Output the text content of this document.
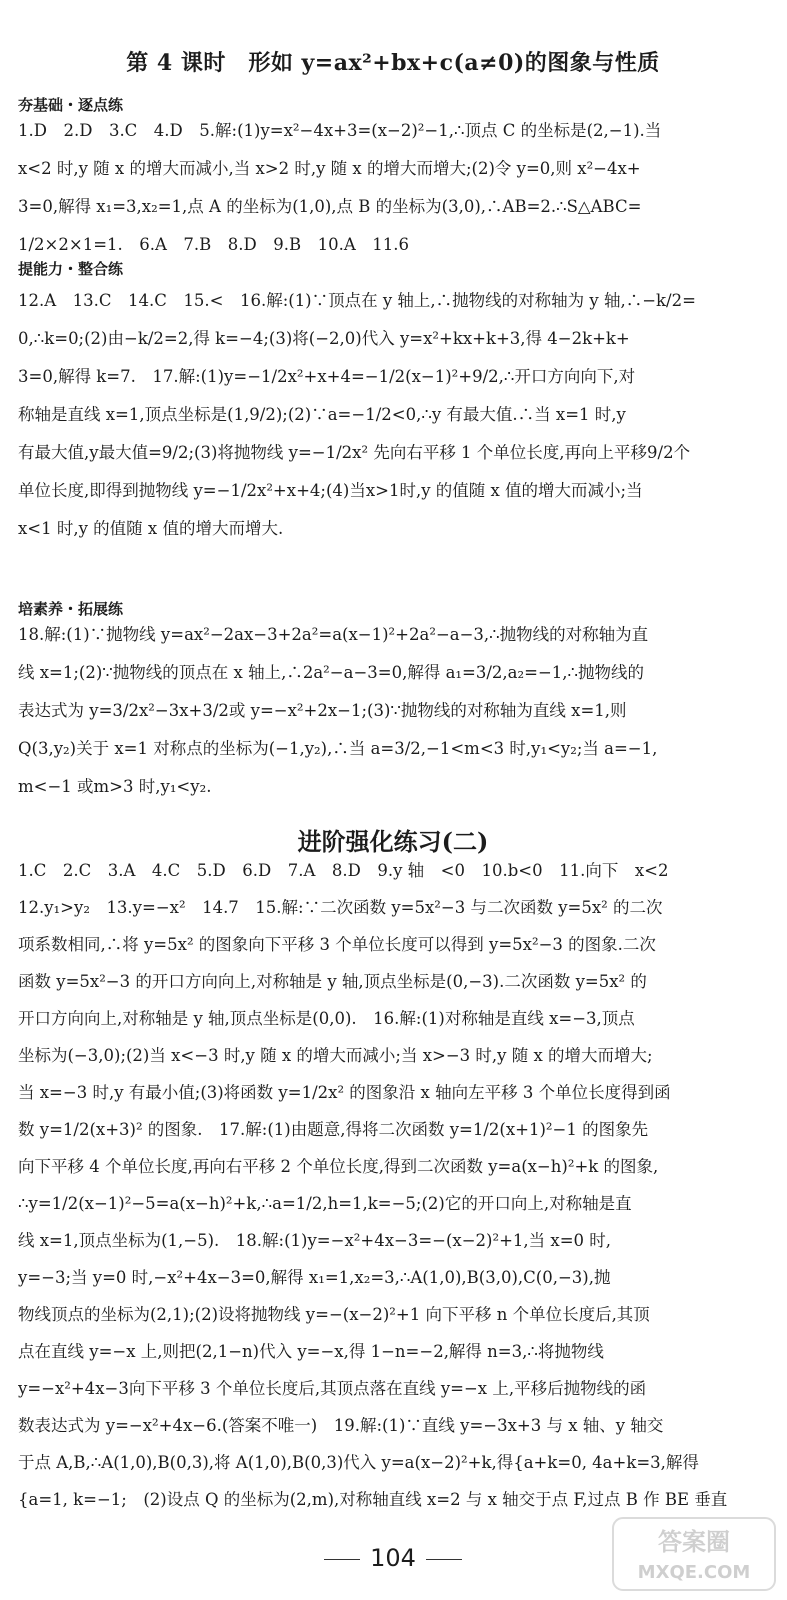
第 4 课时　形如 y=ax²+bx+c(a≠0)的图象与性质
夯基础・逐点练
1.D　2.D　3.C　4.D　5.解:(1)y=x²−4x+3=(x−2)²−1,∴顶点 C 的坐标是(2,−1).当
x<2 时,y 随 x 的增大而减小,当 x>2 时,y 随 x 的增大而增大;(2)令 y=0,则 x²−4x+
3=0,解得 x₁=3,x₂=1,点 A 的坐标为(1,0),点 B 的坐标为(3,0),∴AB=2.∴S△ABC=
1/2×2×1=1.　6.A　7.B　8.D　9.B　10.A　11.6
提能力・整合练
12.A　13.C　14.C　15.<　16.解:(1)∵顶点在 y 轴上,∴抛物线的对称轴为 y 轴,∴−k/2=
0,∴k=0;(2)由−k/2=2,得 k=−4;(3)将(−2,0)代入 y=x²+kx+k+3,得 4−2k+k+
3=0,解得 k=7.　17.解:(1)y=−1/2x²+x+4=−1/2(x−1)²+9/2,∴开口方向向下,对
称轴是直线 x=1,顶点坐标是(1,9/2);(2)∵a=−1/2<0,∴y 有最大值.∴当 x=1 时,y
有最大值,y最大值=9/2;(3)将抛物线 y=−1/2x² 先向右平移 1 个单位长度,再向上平移9/2个
单位长度,即得到抛物线 y=−1/2x²+x+4;(4)当x>1时,y 的值随 x 值的增大而减小;当
x<1 时,y 的值随 x 值的增大而增大.
培素养・拓展练
18.解:(1)∵抛物线 y=ax²−2ax−3+2a²=a(x−1)²+2a²−a−3,∴抛物线的对称轴为直
线 x=1;(2)∵抛物线的顶点在 x 轴上,∴2a²−a−3=0,解得 a₁=3/2,a₂=−1,∴抛物线的
表达式为 y=3/2x²−3x+3/2或 y=−x²+2x−1;(3)∵抛物线的对称轴为直线 x=1,则
Q(3,y₂)关于 x=1 对称点的坐标为(−1,y₂),∴当 a=3/2,−1<m<3 时,y₁<y₂;当 a=−1,
m<−1 或m>3 时,y₁<y₂.
进阶强化练习(二)
1.C　2.C　3.A　4.C　5.D　6.D　7.A　8.D　9.y 轴　<0　10.b<0　11.向下　x<2
12.y₁>y₂　13.y=−x²　14.7　15.解:∵二次函数 y=5x²−3 与二次函数 y=5x² 的二次
项系数相同,∴将 y=5x² 的图象向下平移 3 个单位长度可以得到 y=5x²−3 的图象.二次
函数 y=5x²−3 的开口方向向上,对称轴是 y 轴,顶点坐标是(0,−3).二次函数 y=5x² 的
开口方向向上,对称轴是 y 轴,顶点坐标是(0,0).　16.解:(1)对称轴是直线 x=−3,顶点
坐标为(−3,0);(2)当 x<−3 时,y 随 x 的增大而减小;当 x>−3 时,y 随 x 的增大而增大;
当 x=−3 时,y 有最小值;(3)将函数 y=1/2x² 的图象沿 x 轴向左平移 3 个单位长度得到函
数 y=1/2(x+3)² 的图象.　17.解:(1)由题意,得将二次函数 y=1/2(x+1)²−1 的图象先
向下平移 4 个单位长度,再向右平移 2 个单位长度,得到二次函数 y=a(x−h)²+k 的图象,
∴y=1/2(x−1)²−5=a(x−h)²+k,∴a=1/2,h=1,k=−5;(2)它的开口向上,对称轴是直
线 x=1,顶点坐标为(1,−5).　18.解:(1)y=−x²+4x−3=−(x−2)²+1,当 x=0 时,
y=−3;当 y=0 时,−x²+4x−3=0,解得 x₁=1,x₂=3,∴A(1,0),B(3,0),C(0,−3),抛
物线顶点的坐标为(2,1);(2)设将抛物线 y=−(x−2)²+1 向下平移 n 个单位长度后,其顶
点在直线 y=−x 上,则把(2,1−n)代入 y=−x,得 1−n=−2,解得 n=3,∴将抛物线
y=−x²+4x−3向下平移 3 个单位长度后,其顶点落在直线 y=−x 上,平移后抛物线的函
数表达式为 y=−x²+4x−6.(答案不唯一)　19.解:(1)∵直线 y=−3x+3 与 x 轴、y 轴交
于点 A,B,∴A(1,0),B(0,3),将 A(1,0),B(0,3)代入 y=a(x−2)²+k,得{a+k=0, 4a+k=3,解得
{a=1, k=−1;　(2)设点 Q 的坐标为(2,m),对称轴直线 x=2 与 x 轴交于点 F,过点 B 作 BE 垂直
104
答案圈
MXQE.COM
